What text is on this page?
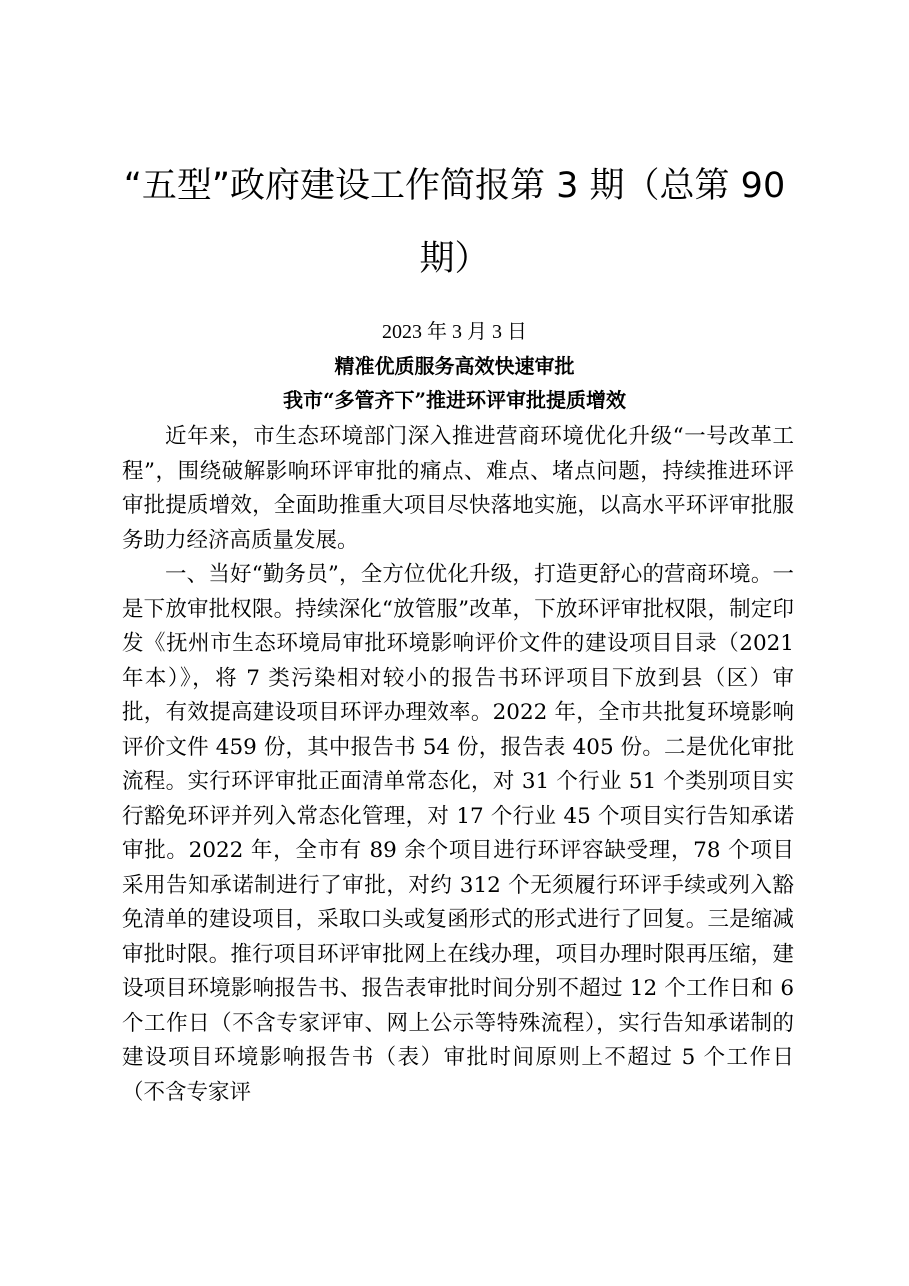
“五型”政府建设工作简报第 3 期（总第 90 期）
2023 年 3 月 3 日
精准优质服务高效快速审批
我市“多管齐下”推进环评审批提质增效

近年来，市生态环境部门深入推进营商环境优化升级“一号改革工程”，围绕破解影响环评审批的痛点、难点、堵点问题，持续推进环评审批提质增效，全面助推重大项目尽快落地实施，以高水平环评审批服务助力经济高质量发展。

一、当好“勤务员”，全方位优化升级，打造更舒心的营商环境。一是下放审批权限。持续深化“放管服”改革，下放环评审批权限，制定印发《抚州市生态环境局审批环境影响评价文件的建设项目目录（2021 年本）》，将 7 类污染相对较小的报告书环评项目下放到县（区）审批，有效提高建设项目环评办理效率。2022 年，全市共批复环境影响评价文件 459 份，其中报告书 54 份，报告表 405 份。二是优化审批流程。实行环评审批正面清单常态化，对 31 个行业 51 个类别项目实行豁免环评并列入常态化管理，对 17 个行业 45 个项目实行告知承诺审批。2022 年，全市有 89 余个项目进行环评容缺受理，78 个项目采用告知承诺制进行了审批，对约 312 个无须履行环评手续或列入豁免清单的建设项目，采取口头或复函形式的形式进行了回复。三是缩减审批时限。推行项目环评审批网上在线办理，项目办理时限再压缩，建设项目环境影响报告书、报告表审批时间分别不超过 12 个工作日和 6 个工作日（不含专家评审、网上公示等特殊流程），实行告知承诺制的建设项目环境影响报告书（表）审批时间原则上不超过 5 个工作日（不含专家评
